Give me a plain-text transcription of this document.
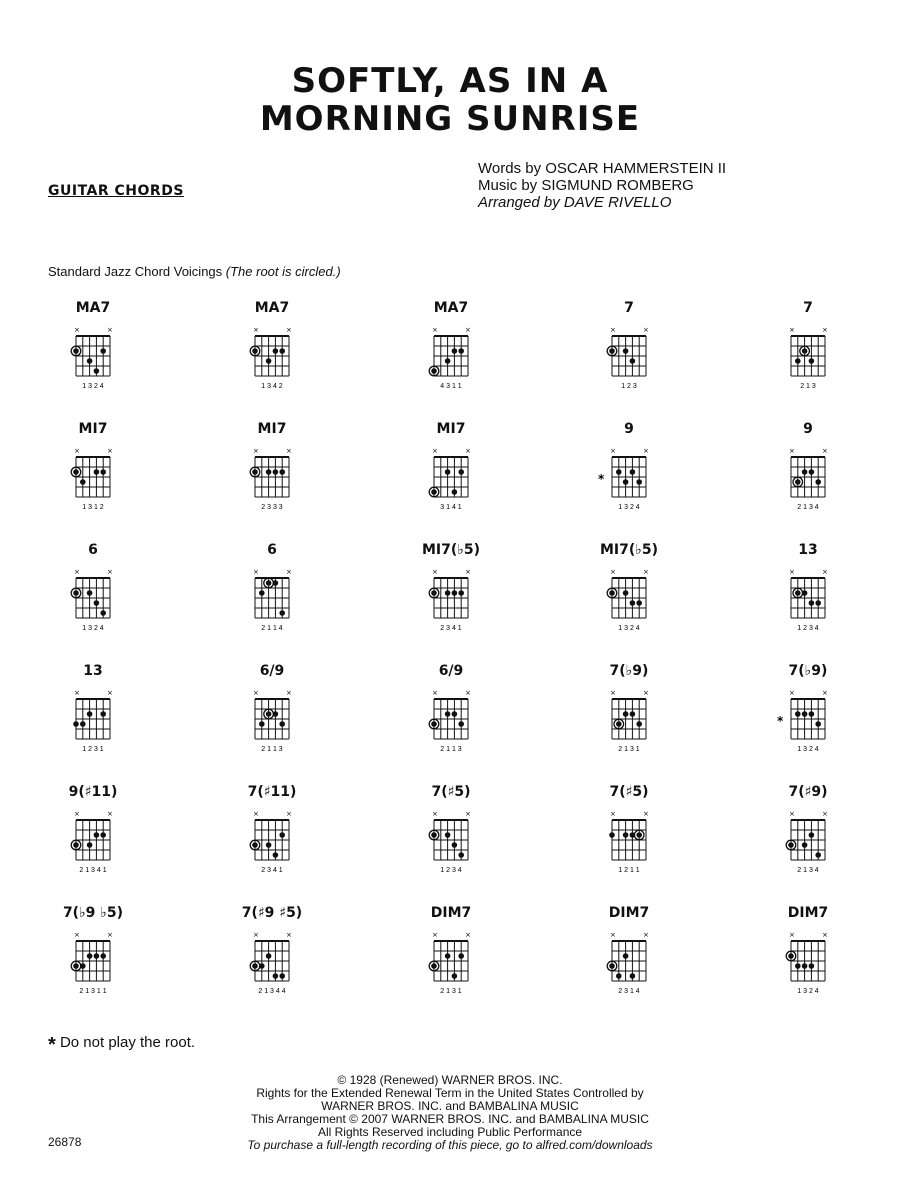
SOFTLY, AS IN A
MORNING SUNRISE
GUITAR CHORDS
Words by OSCAR HAMMERSTEIN II
Music by SIGMUND ROMBERG
Arranged by DAVE RIVELLO
Standard Jazz Chord Voicings (The root is circled.)
MA7
×	×
1 3 2 4
MA7
×	×
1 3 4 2
MA7
×	×
4 3 1 1
7
×	×
1 2 3
7
×	×
2 1 3
MI7
×	×
1 3 1 2
MI7
×	×
2 3 3 3
MI7
×	×
3 1 4 1
9
×	×
1 3 2 4
*
9
×	×
2 1 3 4
6
×	×
1 3 2 4
6
×	×
2 1 1 4
MI7(♭5)
×	×
2 3 4 1
MI7(♭5)
×	×
1 3 2 4
13
×	×
1 2 3 4
13
×	×
1 2 3 1
6/9
×	×
2 1 1 3
6/9
×	×
2 1 1 3
7(♭9)
×	×
2 1 3 1
7(♭9)
×	×
1 3 2 4
*
9(♯11)
×	×
2 1 3 4 1
7(♯11)
×	×
2 3 4 1
7(♯5)
×	×
1 2 3 4
7(♯5)
×	×
1 2 1 1
7(♯9)
×	×
2 1 3 4
7(♭9 ♭5)
×	×
2 1 3 1 1
7(♯9 ♯5)
×	×
2 1 3 4 4
DIM7
×	×
2 1 3 1
DIM7
×	×
2 3 1 4
DIM7
×	×
1 3 2 4
* Do not play the root.
© 1928 (Renewed) WARNER BROS. INC.
Rights for the Extended Renewal Term in the United States Controlled by
WARNER BROS. INC. and BAMBALINA MUSIC
This Arrangement © 2007 WARNER BROS. INC. and BAMBALINA MUSIC
All Rights Reserved including Public Performance
To purchase a full-length recording of this piece, go to alfred.com/downloads
26878
